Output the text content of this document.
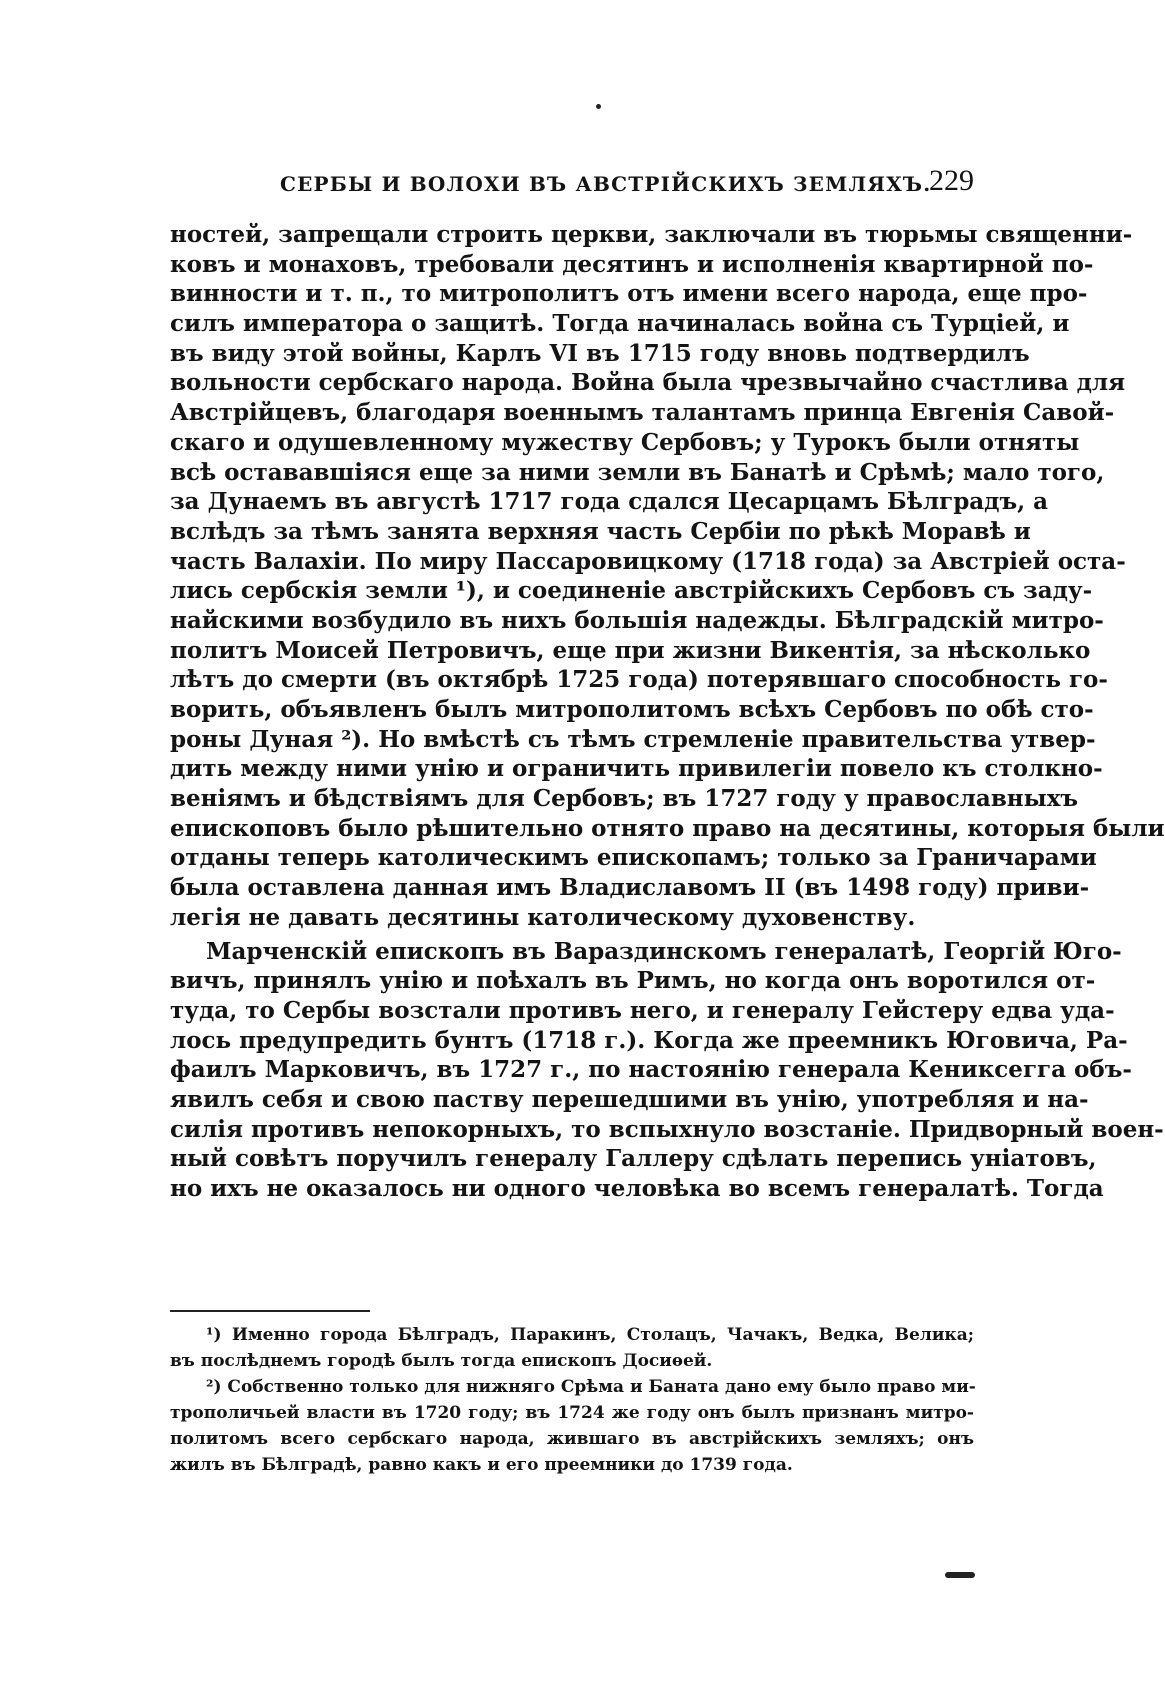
СЕРБЫ И ВОЛОХИ ВЪ АВСТРІЙСКИХЪ ЗЕМЛЯХЪ.
229
ностей, запрещали строить церкви, заключали въ тюрьмы священни-
ковъ и монаховъ, требовали десятинъ и исполненія квартирной по-
винности и т. п., то митрополитъ отъ имени всего народа, еще про-
силъ императора о защитѣ. Тогда начиналась война съ Турціей, и
въ виду этой войны, Карлъ VI въ 1715 году вновь подтвердилъ
вольности сербскаго народа. Война была чрезвычайно счастлива для
Австрійцевъ, благодаря военнымъ талантамъ принца Евгенія Савой-
скаго и одушевленному мужеству Сербовъ; у Турокъ были отняты
всѣ остававшіяся еще за ними земли въ Банатѣ и Срѣмѣ; мало того,
за Дунаемъ въ августѣ 1717 года сдался Цесарцамъ Бѣлградъ, а
вслѣдъ за тѣмъ занята верхняя часть Сербіи по рѣкѣ Моравѣ и
часть Валахіи. По миру Пассаровицкому (1718 года) за Австріей оста-
лись сербскія земли ¹), и соединеніе австрійскихъ Сербовъ съ заду-
найскими возбудило въ нихъ большія надежды. Бѣлградскій митро-
политъ Моисей Петровичъ, еще при жизни Викентія, за нѣсколько
лѣтъ до смерти (въ октябрѣ 1725 года) потерявшаго способность го-
ворить, объявленъ былъ митрополитомъ всѣхъ Сербовъ по обѣ сто-
роны Дуная ²). Но вмѣстѣ съ тѣмъ стремленіе правительства утвер-
дить между ними унію и ограничить привилегіи повело къ столкно-
веніямъ и бѣдствіямъ для Сербовъ; въ 1727 году у православныхъ
епископовъ было рѣшительно отнято право на десятины, которыя были
отданы теперь католическимъ епископамъ; только за Граничарами
была оставлена данная имъ Владиславомъ II (въ 1498 году) приви-
легія не давать десятины католическому духовенству.
Марченскій епископъ въ Вараздинскомъ генералатѣ, Георгій Юго-
вичъ, принялъ унію и поѣхалъ въ Римъ, но когда онъ воротился от-
туда, то Сербы возстали противъ него, и генералу Гейстеру едва уда-
лось предупредить бунтъ (1718 г.). Когда же преемникъ Юговича, Ра-
фаилъ Марковичъ, въ 1727 г., по настоянію генерала Кениксегга объ-
явилъ себя и свою паству перешедшими въ унію, употребляя и на-
силія противъ непокорныхъ, то вспыхнуло возстаніе. Придворный воен-
ный совѣтъ поручилъ генералу Галлеру сдѣлать перепись уніатовъ,
но ихъ не оказалось ни одного человѣка во всемъ генералатѣ. Тогда
¹) Именно города Бѣлградъ, Паракинъ, Столацъ, Чачакъ, Ведка, Велика;
въ послѣднемъ городѣ былъ тогда епископъ Досиѳей.
²) Собственно только для нижняго Срѣма и Баната дано ему было право ми-
трополичьей власти въ 1720 году; въ 1724 же году онъ былъ признанъ митро-
политомъ всего сербскаго народа, жившаго въ австрійскихъ земляхъ; онъ
жилъ въ Бѣлградѣ, равно какъ и его преемники до 1739 года.
